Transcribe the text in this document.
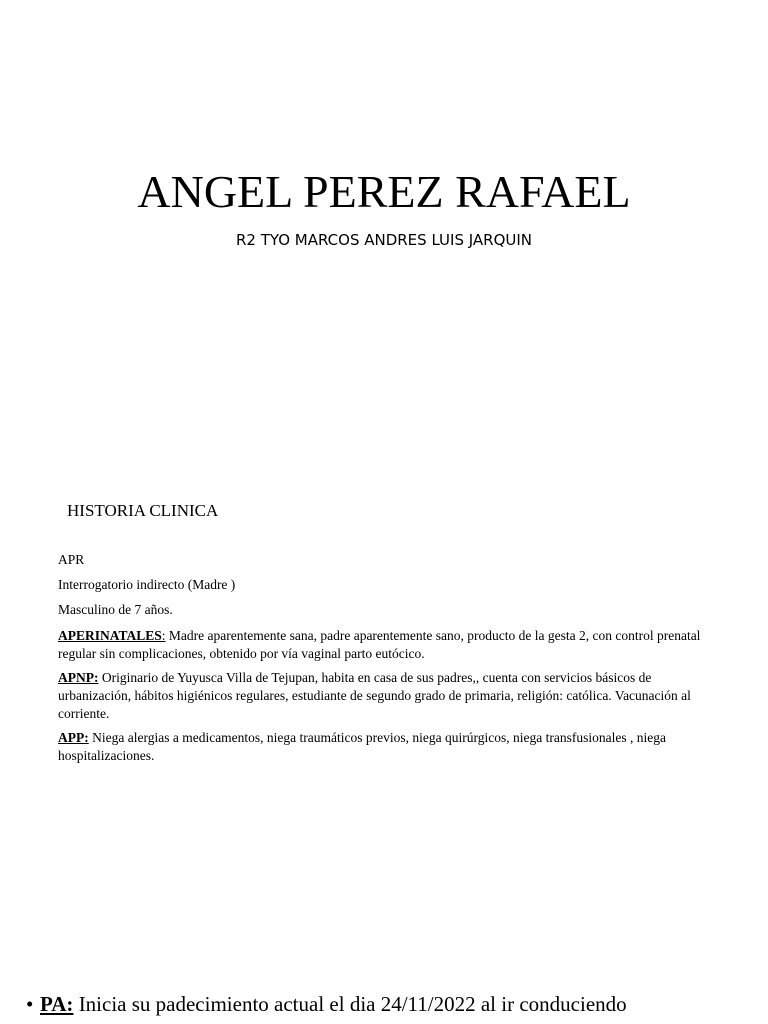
ANGEL PEREZ RAFAEL
R2 TYO MARCOS ANDRES LUIS JARQUIN
HISTORIA CLINICA
APR
Interrogatorio indirecto (Madre )
Masculino de 7 años.

APERINATALES: Madre aparentemente sana, padre aparentemente sano, producto de la gesta 2, con control prenatal regular sin complicaciones, obtenido por vía vaginal parto eutócico.

APNP: Originario de Yuyusca Villa de Tejupan, habita en casa de sus padres,, cuenta con servicios básicos de urbanización, hábitos higiénicos regulares, estudiante de segundo grado de primaria, religión: católica. Vacunación al corriente.

APP: Niega alergias a medicamentos, niega traumáticos previos, niega quirúrgicos, niega transfusionales , niega hospitalizaciones.

• PA: Inicia su padecimiento actual el dia 24/11/2022 al ir conduciendo
